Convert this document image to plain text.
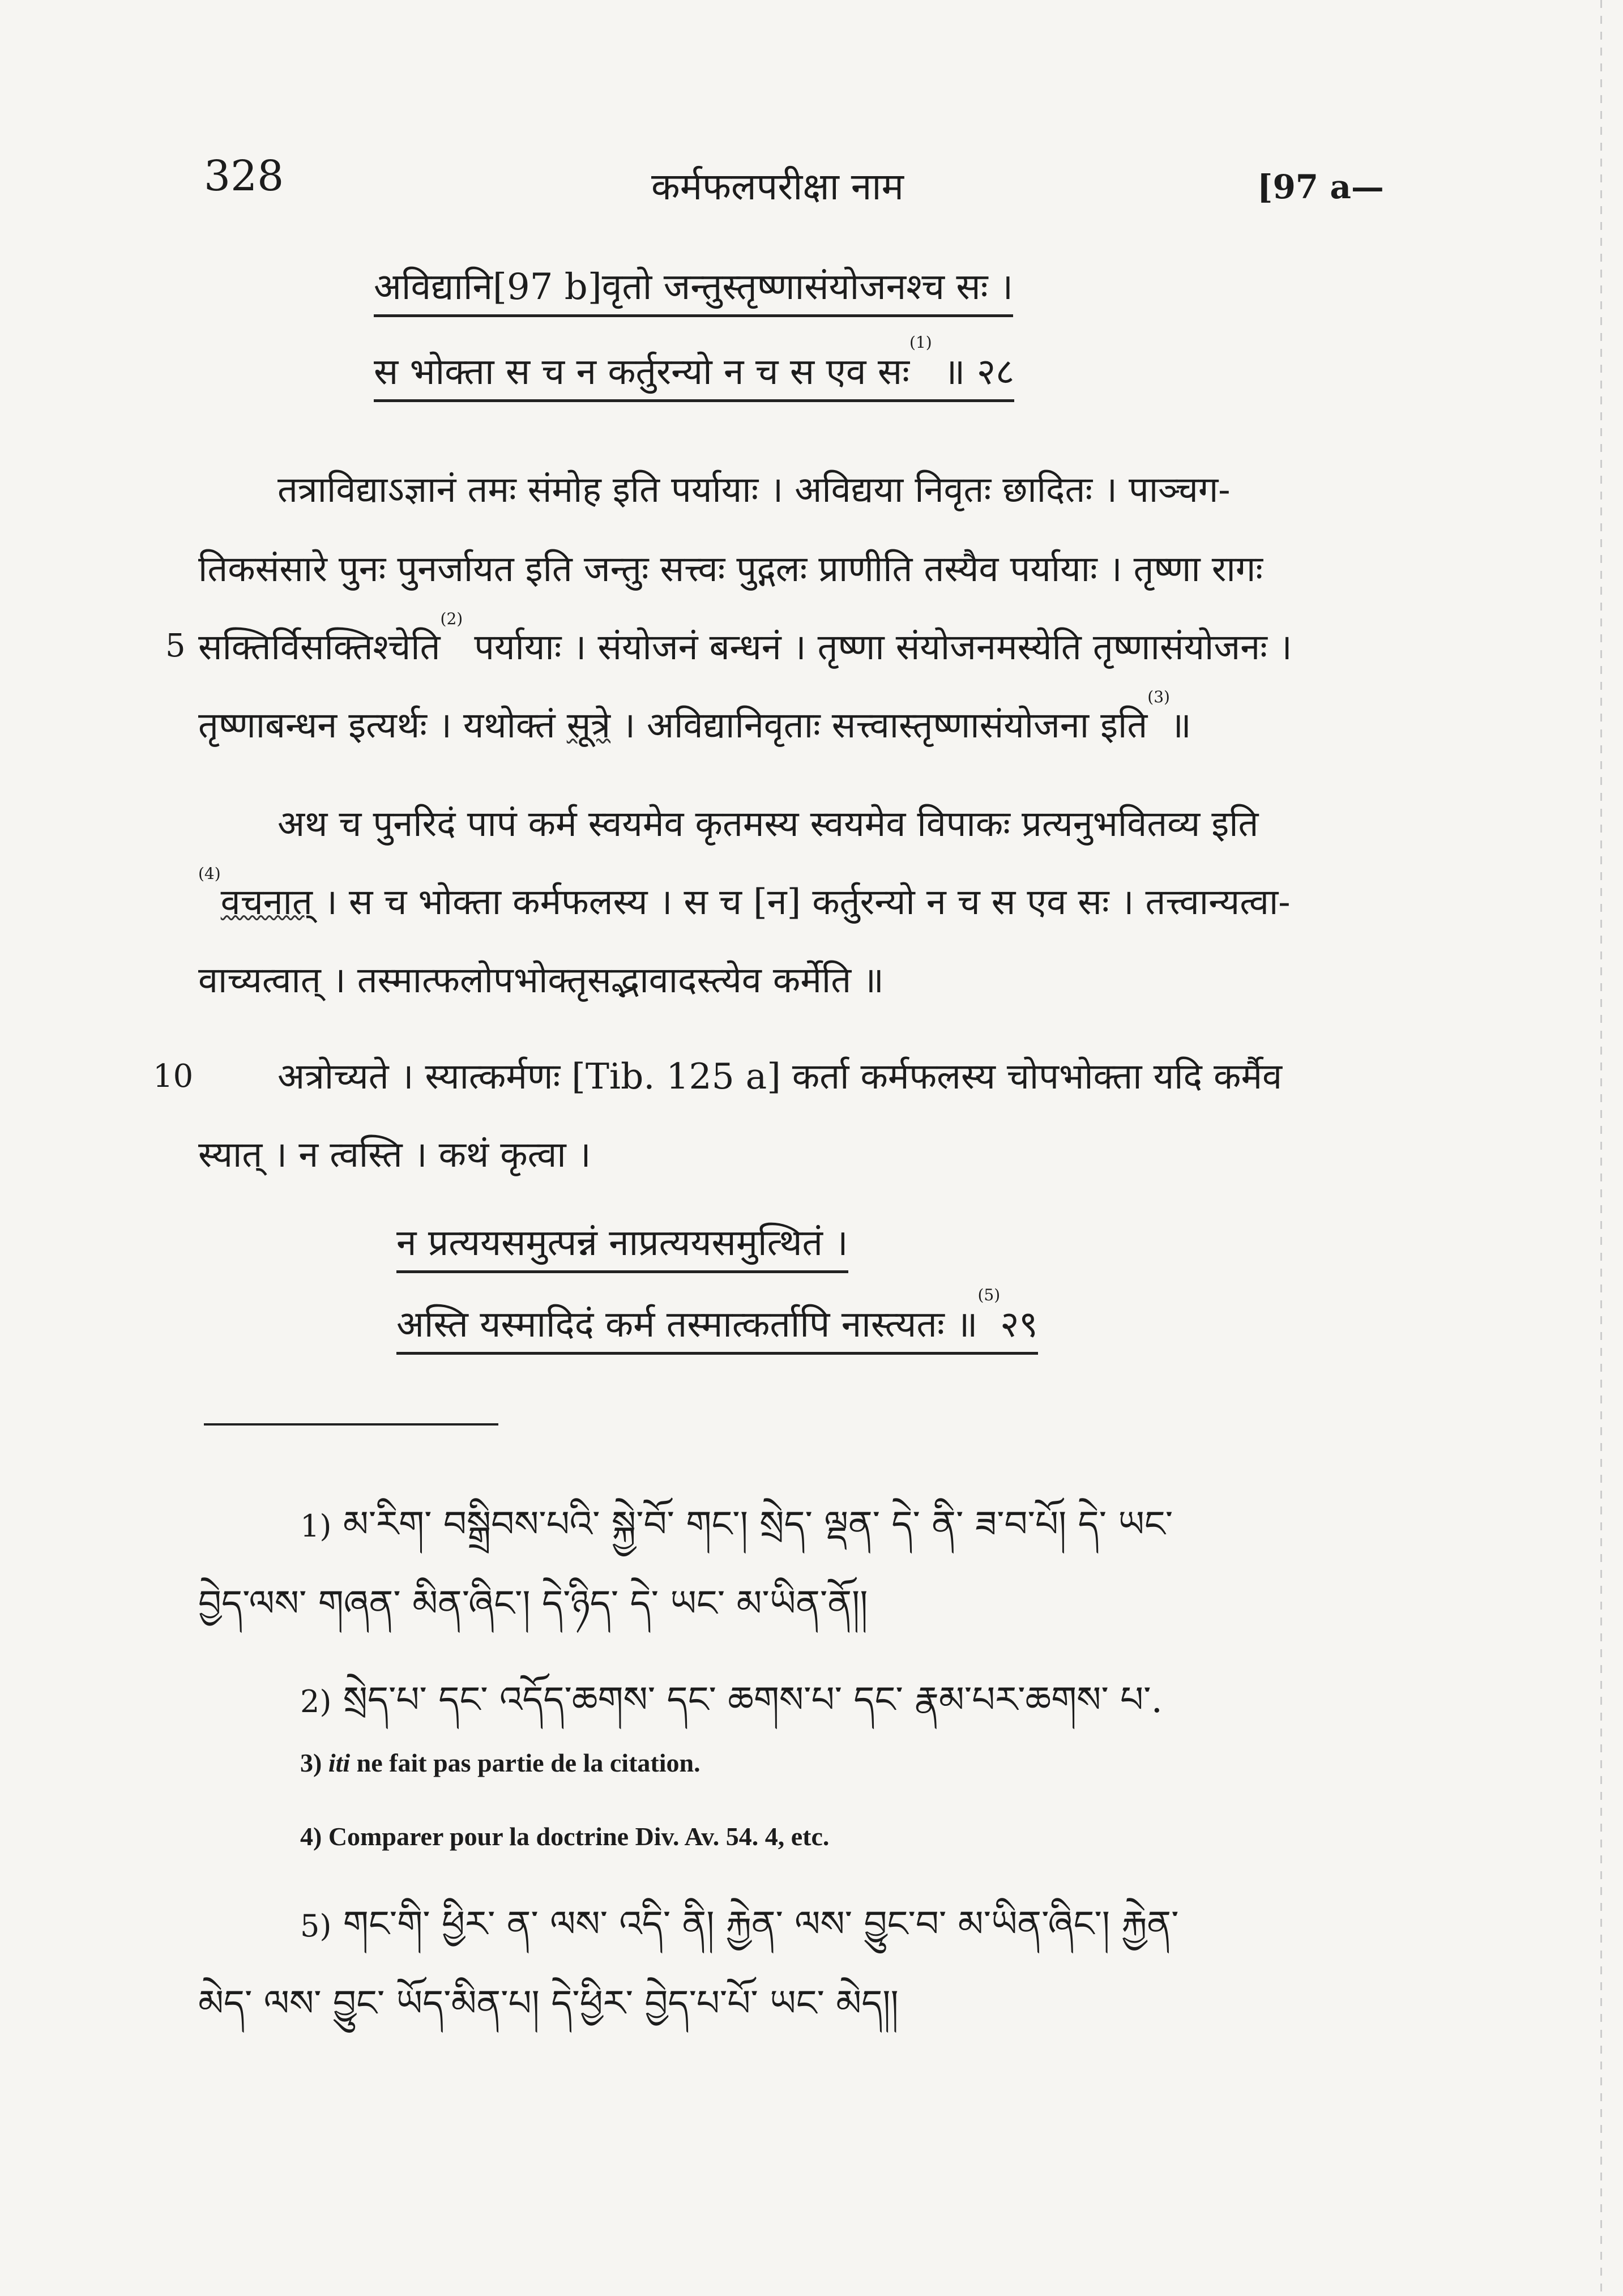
328	कर्मफलपरीक्षा नाम	[97 a—
अविद्यानि[97 b]वृतो जन्तुस्तृष्णासंयोजनश्च सः ।
स भोक्ता स च न कर्तुरन्यो न च स एव सः$^{(1)}$ ॥ २८
तत्राविद्याऽज्ञानं तमः संमोह इति पर्यायाः । अविद्यया निवृतः छादितः । पाञ्चग-
तिकसंसारे पुनः पुनर्जायत इति जन्तुः सत्त्वः पुद्गलः प्राणीति तस्यैव पर्यायाः । तृष्णा रागः
5 सक्तिर्विसक्तिश्चेति$^{(2)}$ पर्यायाः । संयोजनं बन्धनं । तृष्णा संयोजनमस्येति तृष्णासंयोजनः ।
तृष्णाबन्धन इत्यर्थः । यथोक्तं सूत्रे । अविद्यानिवृताः सत्त्वास्तृष्णासंयोजना इति$^{(3)}$॥
अथ च पुनरिदं पापं कर्म स्वयमेव कृतमस्य स्वयमेव विपाकः प्रत्यनुभवितव्य इति
$^{(4)}$वचनात् । स च भोक्ता कर्मफलस्य । स च [न] कर्तुरन्यो न च स एव सः । तत्त्वान्यत्वा-
वाच्यत्वात् । तस्मात्फलोपभोक्तृसद्भावादस्त्येव कर्मेति ॥
10 अत्रोच्यते । स्यात्कर्मणः [Tib. 125 a] कर्ता कर्मफलस्य चोपभोक्ता यदि कर्मैव
स्यात् । न त्वस्ति । कथं कृत्वा ।
न प्रत्ययसमुत्पन्नं नाप्रत्ययसमुत्थितं ।
अस्ति यस्मादिदं कर्म तस्मात्कर्तापि नास्त्यतः ॥$^{(5)}$२९
1) མ་རིག་ བསྒྲིབས་པའི་ སྐྱེ་བོ་ གང་། སྲེད་ ལྡན་ དེ་ ནི་ ཟ་བ་པོ། དེ་ ཡང་
བྱེད་ལས་ གཞན་ མིན་ཞིང་། དེ་ཉིད་ དེ་ ཡང་ མ་ཡིན་ནོ།།
2) སྲེད་པ་ དང་ འདོད་ཆགས་ དང་ ཆགས་པ་ དང་ རྣམ་པར་ཆགས་ པ་.
3) iti ne fait pas partie de la citation.
4) Comparer pour la doctrine Div. Av. 54. 4, etc.
5) གང་གི་ ཕྱིར་ ན་ ལས་ འདི་ ནི། རྐྱེན་ ལས་ བྱུང་བ་ མ་ཡིན་ཞིང་། རྐྱེན་
མེད་ ལས་ བྱུང་ ཡོད་མིན་པ། དེ་ཕྱིར་ བྱེད་པ་པོ་ ཡང་ མེད།།
